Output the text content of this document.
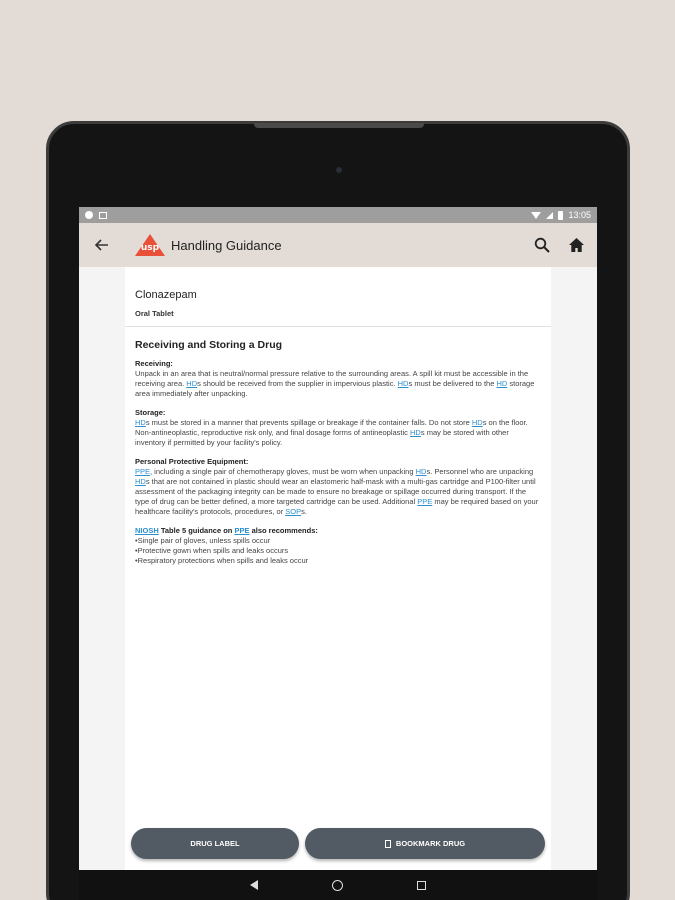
13:05
usp Handling Guidance
Clonazepam
Oral Tablet
Receiving and Storing a Drug
Receiving:
Unpack in an area that is neutral/normal pressure relative to the surrounding areas. A spill kit must be accessible in the receiving area. HDs should be received from the supplier in impervious plastic. HDs must be delivered to the HD storage area immediately after unpacking.
Storage:
HDs must be stored in a manner that prevents spillage or breakage if the container falls. Do not store HDs on the floor. Non-antineoplastic, reproductive risk only, and final dosage forms of antineoplastic HDs may be stored with other inventory if permitted by your facility's policy.
Personal Protective Equipment:
PPE, including a single pair of chemotherapy gloves, must be worn when unpacking HDs. Personnel who are unpacking HDs that are not contained in plastic should wear an elastomeric half-mask with a multi-gas cartridge and P100-filter until assessment of the packaging integrity can be made to ensure no breakage or spillage occurred during transport. If the type of drug can be better defined, a more targeted cartridge can be used. Additional PPE may be required based on your healthcare facility's protocols, procedures, or SOPs.
NIOSH Table 5 guidance on PPE also recommends:
•Single pair of gloves, unless spills occur
•Protective gown when spills and leaks occurs
•Respiratory protections when spills and leaks occur
DRUG LABEL	BOOKMARK DRUG
